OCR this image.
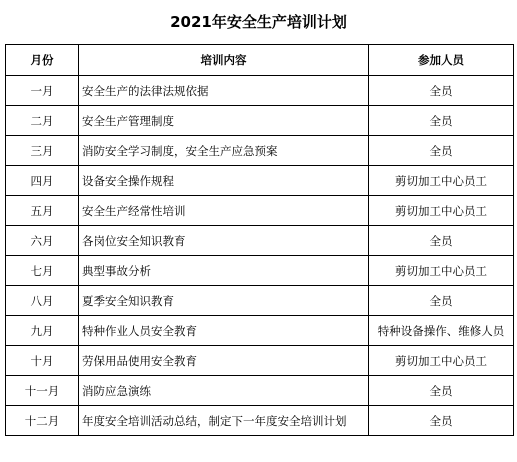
2021年安全生产培训计划
月份	培训内容	参加人员
一月	安全生产的法律法规依据	全员
二月	安全生产管理制度	全员
三月	消防安全学习制度，安全生产应急预案	全员
四月	设备安全操作规程	剪切加工中心员工
五月	安全生产经常性培训	剪切加工中心员工
六月	各岗位安全知识教育	全员
七月	典型事故分析	剪切加工中心员工
八月	夏季安全知识教育	全员
九月	特种作业人员安全教育	特种设备操作、维修人员
十月	劳保用品使用安全教育	剪切加工中心员工
十一月	消防应急演练	全员
十二月	年度安全培训活动总结，制定下一年度安全培训计划	全员
